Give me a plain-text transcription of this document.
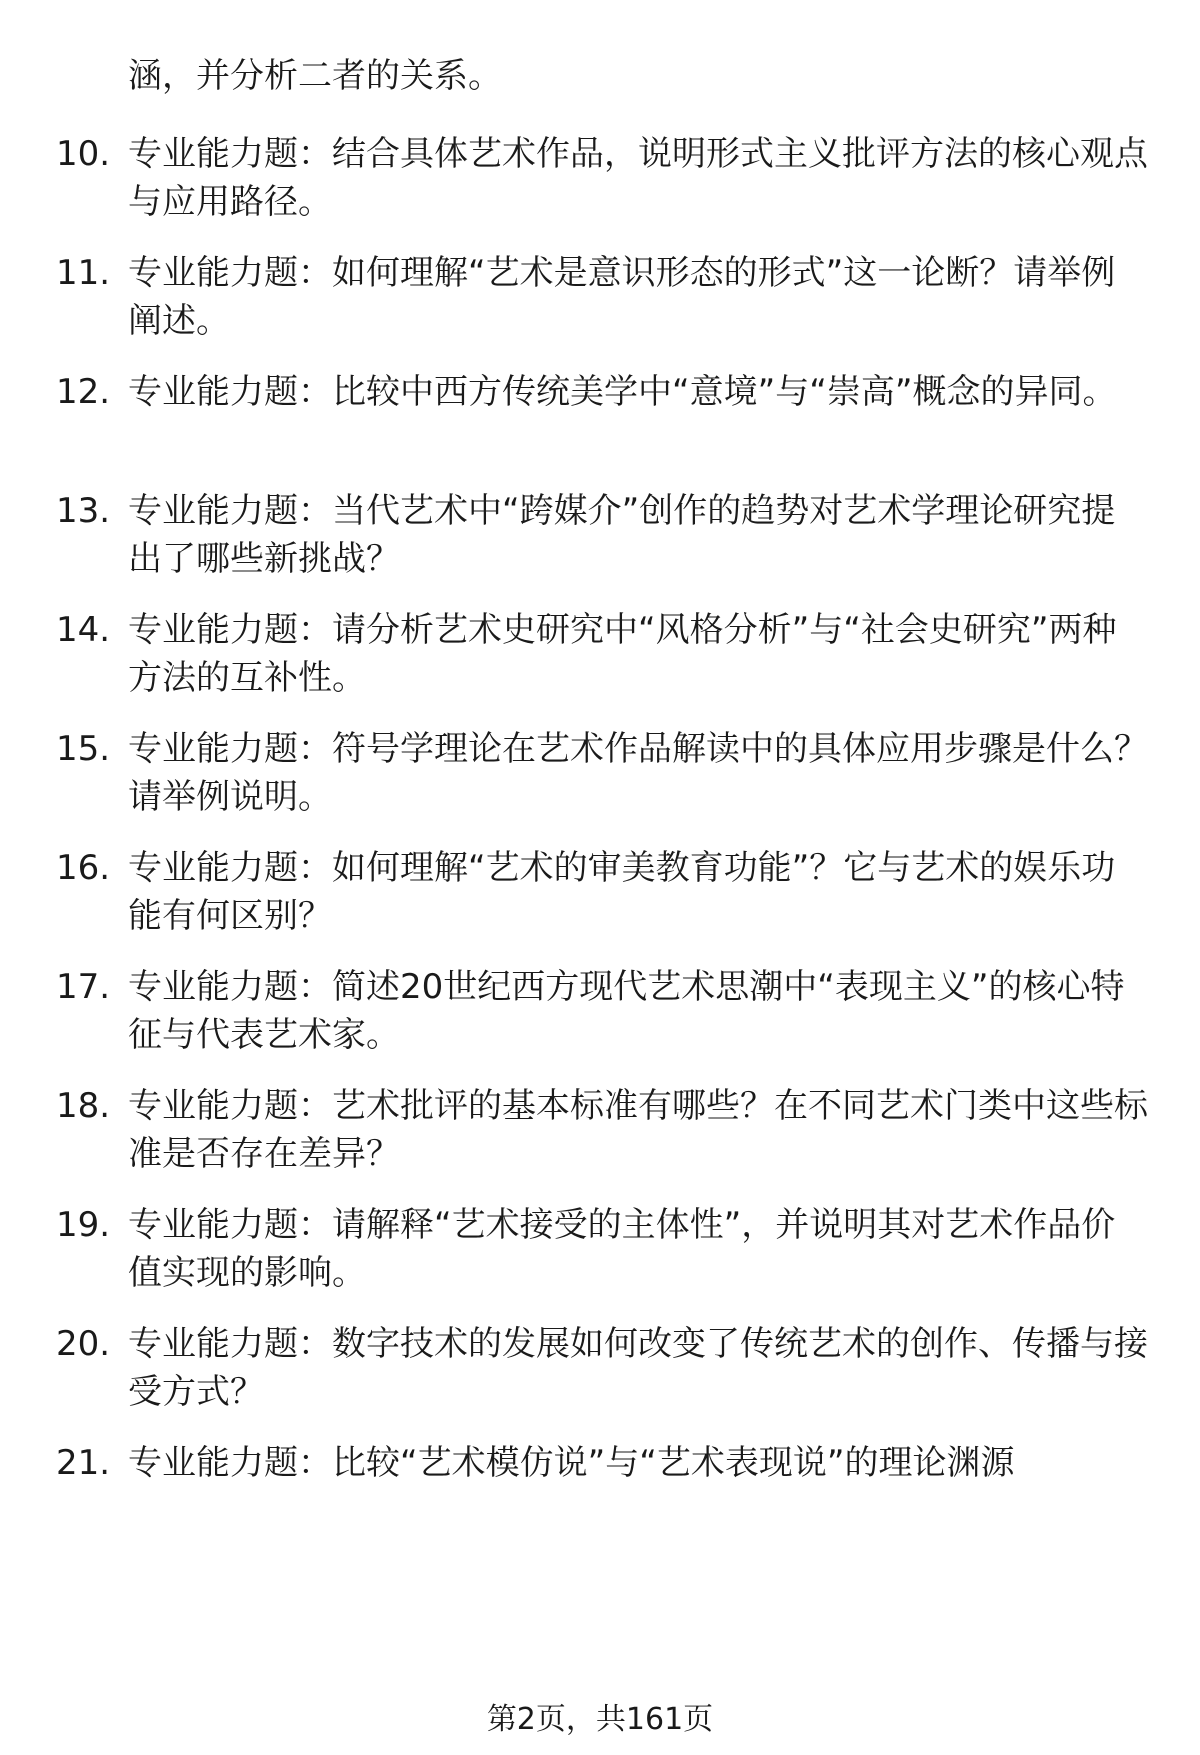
涵，并分析二者的关系。
10. 专业能力题：结合具体艺术作品，说明形式主义批评方法的核心观点与应用路径。
11. 专业能力题：如何理解“艺术是意识形态的形式”这一论断？请举例阐述。
12. 专业能力题：比较中西方传统美学中“意境”与“崇高”概念的异同。
13. 专业能力题：当代艺术中“跨媒介”创作的趋势对艺术学理论研究提出了哪些新挑战？
14. 专业能力题：请分析艺术史研究中“风格分析”与“社会史研究”两种方法的互补性。
15. 专业能力题：符号学理论在艺术作品解读中的具体应用步骤是什么？请举例说明。
16. 专业能力题：如何理解“艺术的审美教育功能”？它与艺术的娱乐功能有何区别？
17. 专业能力题：简述20世纪西方现代艺术思潮中“表现主义”的核心特征与代表艺术家。
18. 专业能力题：艺术批评的基本标准有哪些？在不同艺术门类中这些标准是否存在差异？
19. 专业能力题：请解释“艺术接受的主体性”，并说明其对艺术作品价值实现的影响。
20. 专业能力题：数字技术的发展如何改变了传统艺术的创作、传播与接受方式？
21. 专业能力题：比较“艺术模仿说”与“艺术表现说”的理论渊源
第2页，共161页
